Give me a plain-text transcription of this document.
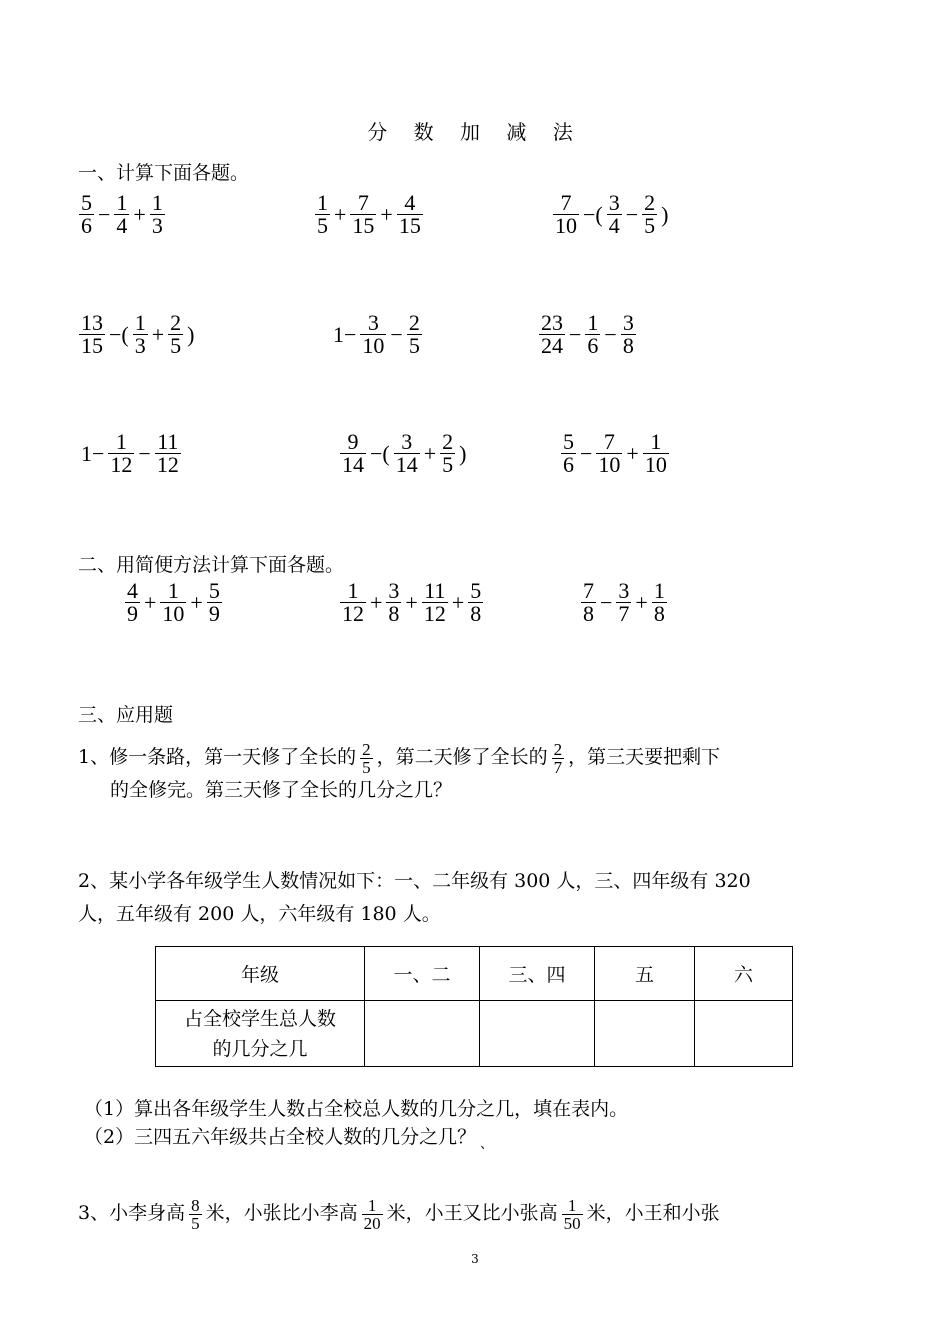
分 数 加 减 法
一、计算下面各题。
$\frac{5}{6} - \frac{1}{4} + \frac{1}{3}$	$\frac{1}{5} + \frac{7}{15} + \frac{4}{15}$	$\frac{7}{10}$ −( $\frac{3}{4} - \frac{2}{5}$ )
$\frac{13}{15}$ −( $\frac{1}{3} + \frac{2}{5}$ )	$1- \frac{3}{10} - \frac{2}{5}$	$\frac{23}{24} - \frac{1}{6} - \frac{3}{8}$
$1- \frac{1}{12} - \frac{11}{12}$	$\frac{9}{14}$ −( $\frac{3}{14} + \frac{2}{5}$ )	$\frac{5}{6} - \frac{7}{10} + \frac{1}{10}$
二、用简便方法计算下面各题。
$\frac{4}{9} + \frac{1}{10} + \frac{5}{9}$	$\frac{1}{12} + \frac{3}{8} + \frac{11}{12} + \frac{5}{8}$	$\frac{7}{8} - \frac{3}{7} + \frac{1}{8}$
三、应用题
1、修一条路，第一天修了全长的 $\frac{2}{5}$ ，第二天修了全长的 $\frac{2}{7}$ ，第三天要把剩下
的全修完。第三天修了全长的几分之几？
2、某小学各年级学生人数情况如下：一、二年级有 300 人，三、四年级有 320
人，五年级有 200 人，六年级有 180 人。
年级	一、二	三、四	五	六

占全校学生总人数
的几分之几				

（1）算出各年级学生人数占全校总人数的几分之几，填在表内。
（2）三四五六年级共占全校人数的几分之几？ $_、$
3、小李身高 $\frac{8}{5}$ 米，小张比小李高 $\frac{1}{20}$ 米，小王又比小张高 $\frac{1}{50}$ 米，小王和小张
3
